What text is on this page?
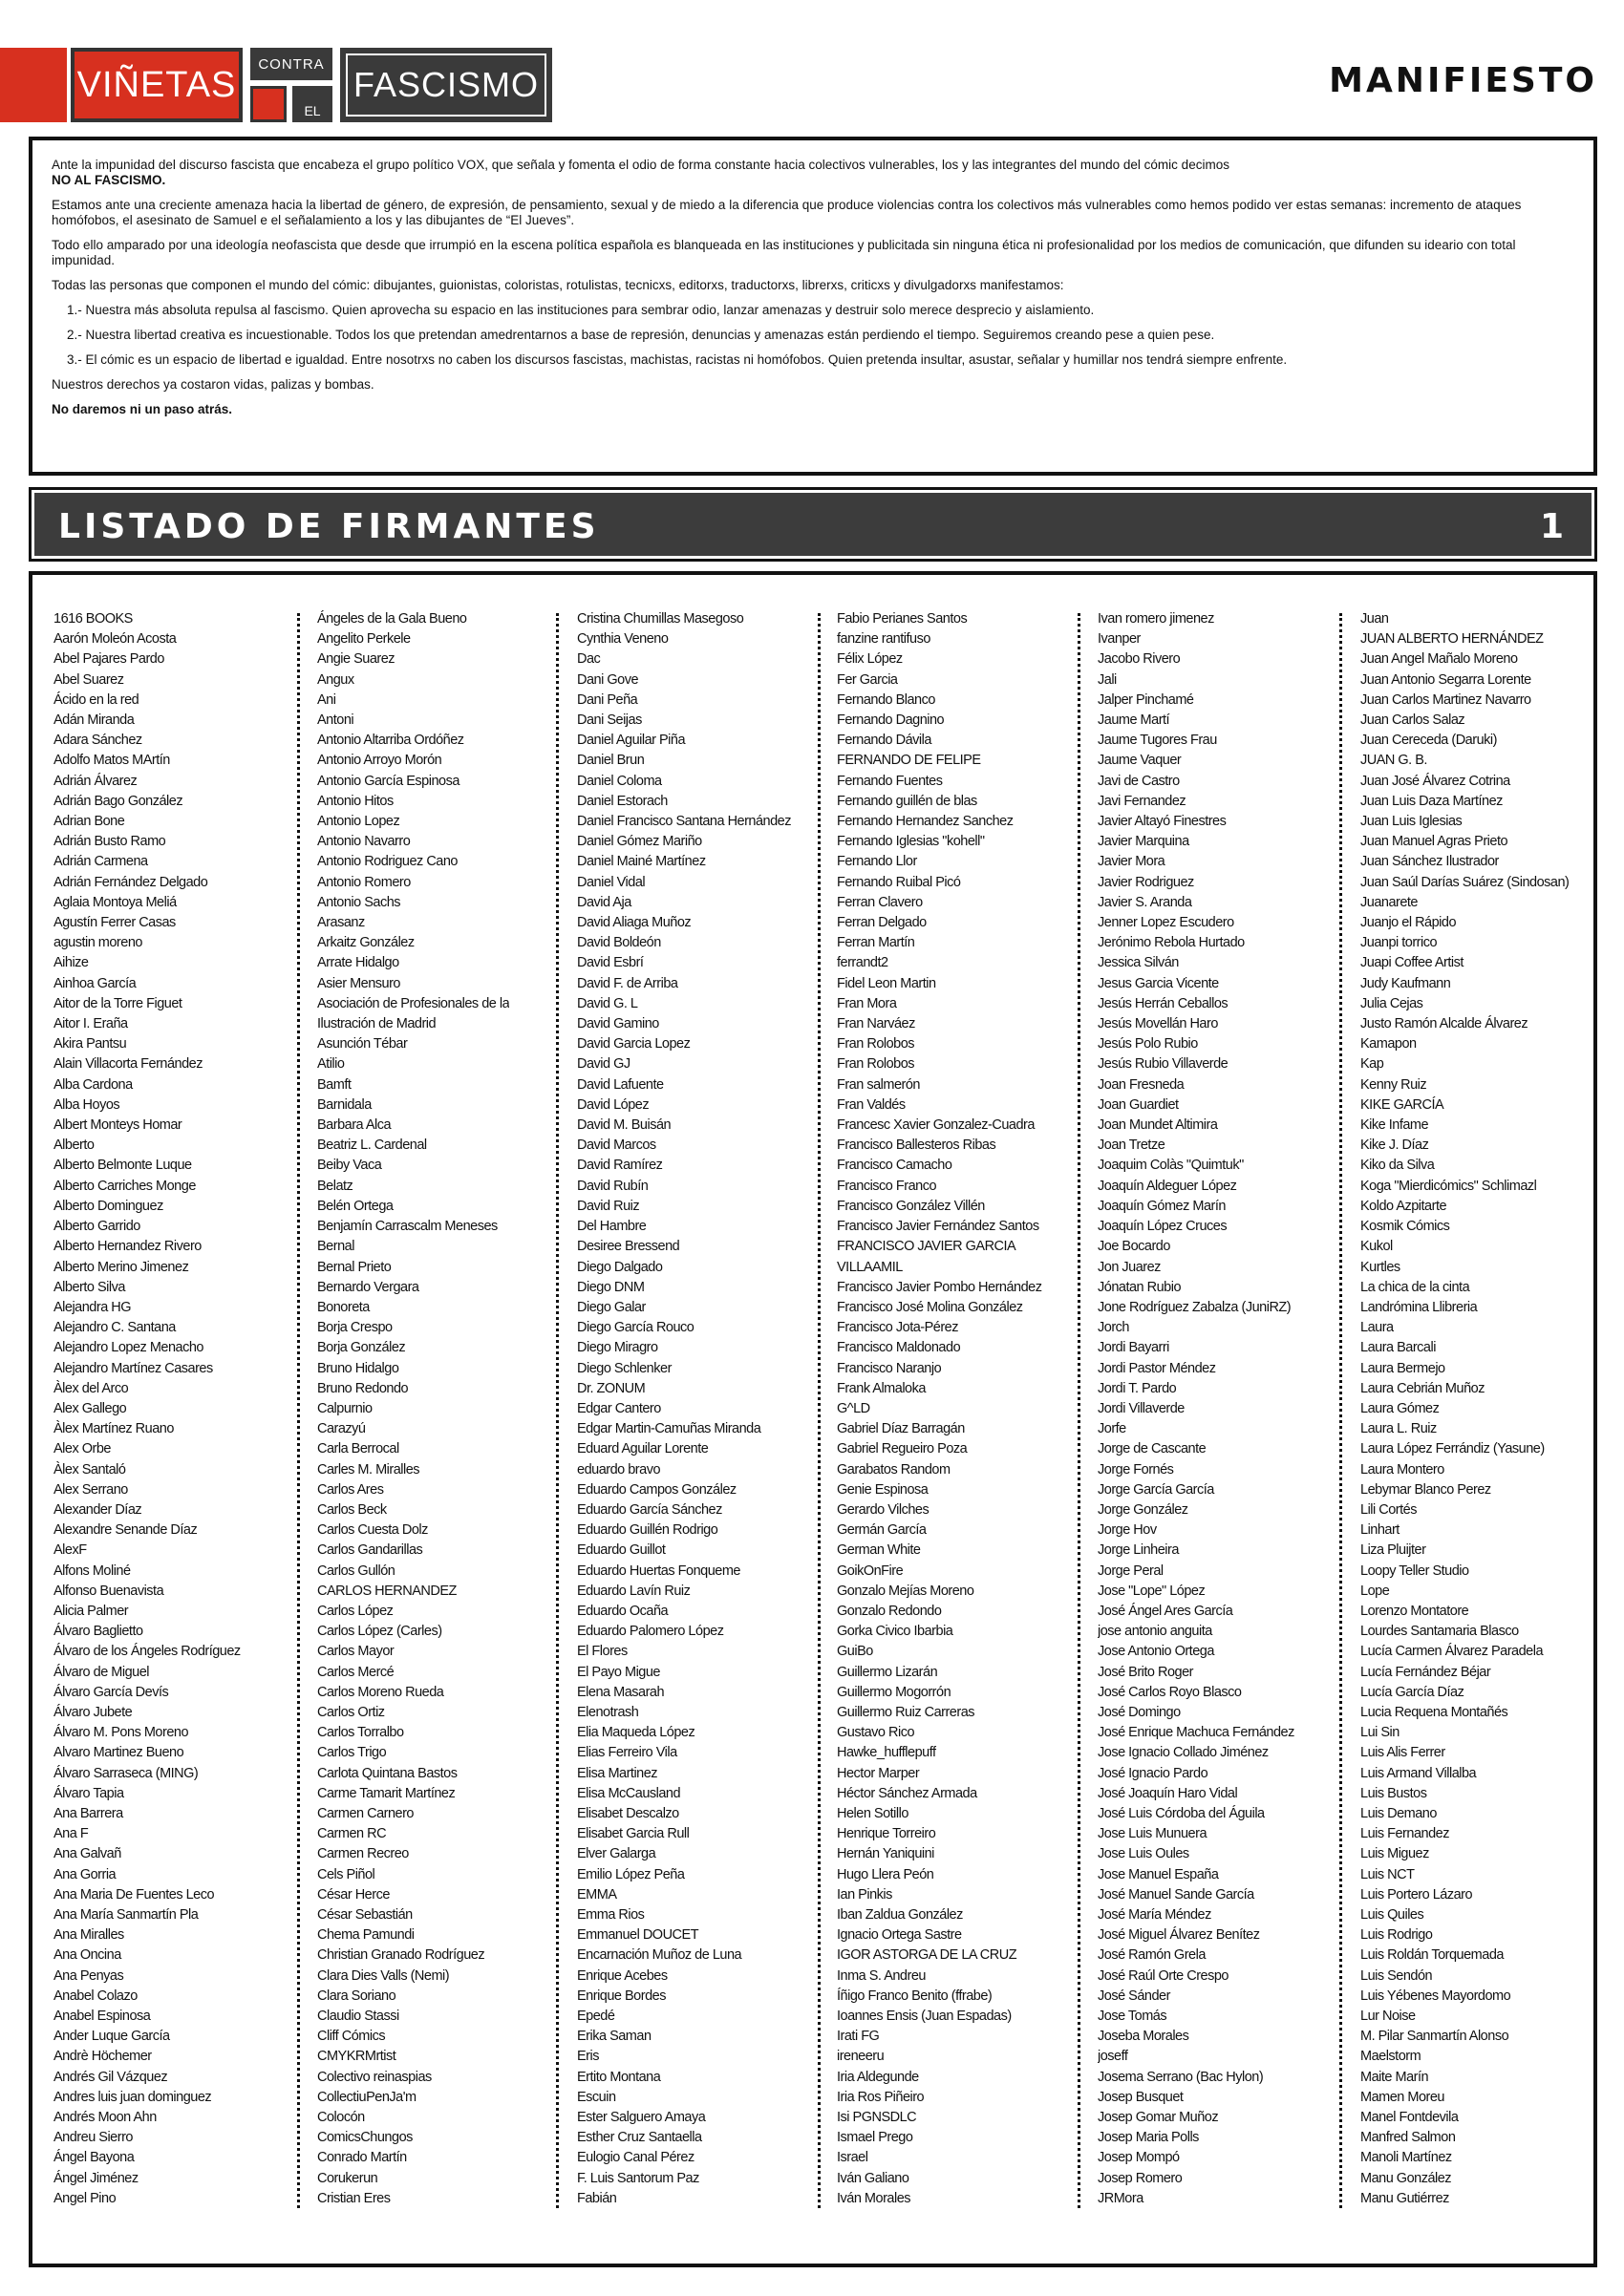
VIÑETAS
CONTRA
EL
FASCISMO	MANIFIESTO

Ante la impunidad del discurso fascista que encabeza el grupo político VOX, que señala y fomenta el odio de forma constante hacia colectivos vulnerables, los y las integrantes del mundo del cómic decimos
NO AL FASCISMO.

Estamos ante una creciente amenaza hacia la libertad de género, de expresión, de pensamiento, sexual y de miedo a la diferencia que produce violencias contra los colectivos más vulnerables como hemos podido ver estas semanas: incremento de ataques homófobos, el asesinato de Samuel e el señalamiento a los y las dibujantes de “El Jueves”.

Todo ello amparado por una ideología neofascista que desde que irrumpió en la escena política española es blanqueada en las instituciones y publicitada sin ninguna ética ni profesionalidad por los medios de comunicación, que difunden su ideario con total impunidad.

Todas las personas que componen el mundo del cómic: dibujantes, guionistas, coloristas, rotulistas, tecnicxs, editorxs, traductorxs, librerxs, criticxs y divulgadorxs manifestamos:

1.- Nuestra más absoluta repulsa al fascismo. Quien aprovecha su espacio en las instituciones para sembrar odio, lanzar amenazas y destruir solo merece desprecio y aislamiento.

2.- Nuestra libertad creativa es incuestionable. Todos los que pretendan amedrentarnos a base de represión, denuncias y amenazas están perdiendo el tiempo. Seguiremos creando pese a quien pese.

3.- El cómic es un espacio de libertad e igualdad. Entre nosotrxs no caben los discursos fascistas, machistas, racistas ni homófobos. Quien pretenda insultar, asustar, señalar y humillar nos tendrá siempre enfrente.

Nuestros derechos ya costaron vidas, palizas y bombas.

No daremos ni un paso atrás.

LISTADO DE FIRMANTES	1
1616 BOOKS
Aarón Moleón Acosta
Abel Pajares Pardo
Abel Suarez
Ácido en la red
Adán Miranda
Adara Sánchez
Adolfo Matos MArtín
Adrián Álvarez
Adrián Bago González
Adrian Bone
Adrián Busto Ramo
Adrián Carmena
Adrián Fernández Delgado
Aglaia Montoya Meliá
Agustín Ferrer Casas
agustin moreno
Aihize
Ainhoa García
Aitor de la Torre Figuet
Aitor I. Eraña
Akira Pantsu
Alain Villacorta Fernández
Alba Cardona
Alba Hoyos
Albert Monteys Homar
Alberto
Alberto Belmonte Luque
Alberto Carriches Monge
Alberto Dominguez
Alberto Garrido
Alberto Hernandez Rivero
Alberto Merino Jimenez
Alberto Silva
Alejandra HG
Alejandro C. Santana
Alejandro Lopez Menacho
Alejandro Martínez Casares
Àlex del Arco
Alex Gallego
Àlex Martínez Ruano
Alex Orbe
Àlex Santaló
Alex Serrano
Alexander Díaz
Alexandre Senande Díaz
AlexF
Alfons Moliné
Alfonso Buenavista
Alicia Palmer
Álvaro Baglietto
Álvaro de los Ángeles Rodríguez
Álvaro de Miguel
Álvaro García Devís
Álvaro Jubete
Álvaro M. Pons Moreno
Alvaro Martinez Bueno
Álvaro Sarraseca (MING)
Álvaro Tapia
Ana Barrera
Ana F
Ana Galvañ
Ana Gorria
Ana Maria De Fuentes Leco
Ana María Sanmartín Pla
Ana Miralles
Ana Oncina
Ana Penyas
Anabel Colazo
Anabel Espinosa
Ander Luque García
Andrè Höchemer
Andrés Gil Vázquez
Andres luis juan dominguez
Andrés Moon Ahn
Andreu Sierro
Ángel Bayona
Ángel Jiménez
Angel Pino
Ángeles de la Gala Bueno
Angelito Perkele
Angie Suarez
Angux
Ani
Antoni
Antonio Altarriba Ordóñez
Antonio Arroyo Morón
Antonio García Espinosa
Antonio Hitos
Antonio Lopez
Antonio Navarro
Antonio Rodriguez Cano
Antonio Romero
Antonio Sachs
Arasanz
Arkaitz González
Arrate Hidalgo
Asier Mensuro
Asociación de Profesionales de la
Ilustración de Madrid
Asunción Tébar
Atilio
Bamft
Barnidala
Barbara Alca
Beatriz L. Cardenal
Beiby Vaca
Belatz
Belén Ortega
Benjamín Carrascalm Meneses
Bernal
Bernal Prieto
Bernardo Vergara
Bonoreta
Borja Crespo
Borja González
Bruno Hidalgo
Bruno Redondo
Calpurnio
Carazyú
Carla Berrocal
Carles M. Miralles
Carlos Ares
Carlos Beck
Carlos Cuesta Dolz
Carlos Gandarillas
Carlos Gullón
CARLOS HERNANDEZ
Carlos López
Carlos López (Carles)
Carlos Mayor
Carlos Mercé
Carlos Moreno Rueda
Carlos Ortiz
Carlos Torralbo
Carlos Trigo
Carlota Quintana Bastos
Carme Tamarit Martínez
Carmen Carnero
Carmen RC
Carmen Recreo
Cels Piñol
César Herce
César Sebastián
Chema Pamundi
Christian Granado Rodríguez
Clara Dies Valls (Nemi)
Clara Soriano
Claudio Stassi
Cliff Cómics
CMYKRMrtist
Colectivo reinaspias
CollectiuPenJa'm
Colocón
ComicsChungos
Conrado Martín
Corukerun
Cristian Eres
Cristina Chumillas Masegoso
Cynthia Veneno
Dac
Dani Gove
Dani Peña
Dani Seijas
Daniel Aguilar Piña
Daniel Brun
Daniel Coloma
Daniel Estorach
Daniel Francisco Santana Hernández
Daniel Gómez Mariño
Daniel Mainé Martínez
Daniel Vidal
David Aja
David Aliaga Muñoz
David Boldeón
David Esbrí
David F. de Arriba
David G. L
David Gamino
David Garcia Lopez
David GJ
David Lafuente
David López
David M. Buisán
David Marcos
David Ramírez
David Rubín
David Ruiz
Del Hambre
Desiree Bressend
Diego Dalgado
Diego DNM
Diego Galar
Diego García Rouco
Diego Miragro
Diego Schlenker
Dr. ZONUM
Edgar Cantero
Edgar Martin-Camuñas Miranda
Eduard Aguilar Lorente
eduardo bravo
Eduardo Campos González
Eduardo García Sánchez
Eduardo Guillén Rodrigo
Eduardo Guillot
Eduardo Huertas Fonqueme
Eduardo Lavín Ruiz
Eduardo Ocaña
Eduardo Palomero López
El Flores
El Payo Migue
Elena Masarah
Elenotrash
Elia Maqueda López
Elias Ferreiro Vila
Elisa Martinez
Elisa McCausland
Elisabet Descalzo
Elisabet Garcia Rull
Elver Galarga
Emilio López Peña
EMMA
Emma Rios
Emmanuel DOUCET
Encarnación Muñoz de Luna
Enrique Acebes
Enrique Bordes
Epedé
Erika Saman
Eris
Ertito Montana
Escuin
Ester Salguero Amaya
Esther Cruz Santaella
Eulogio Canal Pérez
F. Luis Santorum Paz
Fabián
Fabio Perianes Santos
fanzine rantifuso
Félix López
Fer Garcia
Fernando Blanco
Fernando Dagnino
Fernando Dávila
FERNANDO DE FELIPE
Fernando Fuentes
Fernando guillén de blas
Fernando Hernandez Sanchez
Fernando Iglesias "kohell"
Fernando Llor
Fernando Ruibal Picó
Ferran Clavero
Ferran Delgado
Ferran Martín
ferrandt2
Fidel Leon Martin
Fran Mora
Fran Narváez
Fran Rolobos
Fran Rolobos
Fran salmerón
Fran Valdés
Francesc Xavier Gonzalez-Cuadra
Francisco Ballesteros Ribas
Francisco Camacho
Francisco Franco
Francisco González Villén
Francisco Javier Fernández Santos
FRANCISCO JAVIER GARCIA
VILLAAMIL
Francisco Javier Pombo Hernández
Francisco José Molina González
Francisco Jota-Pérez
Francisco Maldonado
Francisco Naranjo
Frank Almaloka
G^LD
Gabriel Díaz Barragán
Gabriel Regueiro Poza
Garabatos Random
Genie Espinosa
Gerardo Vilches
Germán García
German White
GoikOnFire
Gonzalo Mejías Moreno
Gonzalo Redondo
Gorka Civico Ibarbia
GuiBo
Guillermo Lizarán
Guillermo Mogorrón
Guillermo Ruiz Carreras
Gustavo Rico
Hawke_hufflepuff
Hector Marper
Héctor Sánchez Armada
Helen Sotillo
Henrique Torreiro
Hernán Yaniquini
Hugo Llera Peón
Ian Pinkis
Iban Zaldua González
Ignacio Ortega Sastre
IGOR ASTORGA DE LA CRUZ
Inma S. Andreu
Íñigo Franco Benito (ffrabe)
Ioannes Ensis (Juan Espadas)
Irati FG
ireneeru
Iria Aldegunde
Iria Ros Piñeiro
Isi PGNSDLC
Ismael Prego
Israel
Iván Galiano
Iván Morales
Ivan romero jimenez
Ivanper
Jacobo Rivero
Jali
Jalper Pinchamé
Jaume Martí
Jaume Tugores Frau
Jaume Vaquer
Javi de Castro
Javi Fernandez
Javier Altayó Finestres
Javier Marquina
Javier Mora
Javier Rodriguez
Javier S. Aranda
Jenner Lopez Escudero
Jerónimo Rebola Hurtado
Jessica Silván
Jesus Garcia Vicente
Jesús Herrán Ceballos
Jesús Movellán Haro
Jesús Polo Rubio
Jesús Rubio Villaverde
Joan Fresneda
Joan Guardiet
Joan Mundet Altimira
Joan Tretze
Joaquim Colàs "Quimtuk"
Joaquín Aldeguer López
Joaquín Gómez Marín
Joaquín López Cruces
Joe Bocardo
Jon Juarez
Jónatan Rubio
Jone Rodríguez Zabalza (JuniRZ)
Jorch
Jordi Bayarri
Jordi Pastor Méndez
Jordi T. Pardo
Jordi Villaverde
Jorfe
Jorge de Cascante
Jorge Fornés
Jorge García García
Jorge González
Jorge Hov
Jorge Linheira
Jorge Peral
Jose "Lope" López
José Ángel Ares García
jose antonio anguita
Jose Antonio Ortega
José Brito Roger
José Carlos Royo Blasco
José Domingo
José Enrique Machuca Fernández
Jose Ignacio Collado Jiménez
José Ignacio Pardo
José Joaquín Haro Vidal
José Luis Córdoba del Águila
Jose Luis Munuera
Jose Luis Oules
Jose Manuel España
José Manuel Sande García
José María Méndez
José Miguel Álvarez Benítez
José Ramón Grela
José Raúl Orte Crespo
José Sánder
Jose Tomás
Joseba Morales
joseff
Josema Serrano (Bac Hylon)
Josep Busquet
Josep Gomar Muñoz
Josep Maria Polls
Josep Mompó
Josep Romero
JRMora
Juan
JUAN ALBERTO HERNÁNDEZ
Juan Angel Mañalo Moreno
Juan Antonio Segarra Lorente
Juan Carlos Martinez Navarro
Juan Carlos Salaz
Juan Cereceda (Daruki)
JUAN G. B.
Juan José Álvarez Cotrina
Juan Luis Daza Martínez
Juan Luis Iglesias
Juan Manuel Agras Prieto
Juan Sánchez Ilustrador
Juan Saúl Darías Suárez (Sindosan)
Juanarete
Juanjo el Rápido
Juanpi torrico
Juapi Coffee Artist
Judy Kaufmann
Julia Cejas
Justo Ramón Alcalde Álvarez
Kamapon
Kap
Kenny Ruiz
KIKE GARCÍA
Kike Infame
Kike J. Díaz
Kiko da Silva
Koga "Mierdicómics" Schlimazl
Koldo Azpitarte
Kosmik Cómics
Kukol
Kurtles
La chica de la cinta
Landrómina Llibreria
Laura
Laura Barcali
Laura Bermejo
Laura Cebrián Muñoz
Laura Gómez
Laura L. Ruiz
Laura López Ferrándiz (Yasune)
Laura Montero
Lebymar Blanco Perez
Lili Cortés
Linhart
Liza Pluijter
Loopy Teller Studio
Lope
Lorenzo Montatore
Lourdes Santamaria Blasco
Lucía Carmen Álvarez Paradela
Lucía Fernández Béjar
Lucía García Díaz
Lucia Requena Montañés
Lui Sin
Luis Alis Ferrer
Luis Armand Villalba
Luis Bustos
Luis Demano
Luis Fernandez
Luis Miguez
Luis NCT
Luis Portero Lázaro
Luis Quiles
Luis Rodrigo
Luis Roldán Torquemada
Luis Sendón
Luis Yébenes Mayordomo
Lur Noise
M. Pilar Sanmartín Alonso
Maelstorm
Maite Marín
Mamen Moreu
Manel Fontdevila
Manfred Salmon
Manoli Martínez
Manu González
Manu Gutiérrez
